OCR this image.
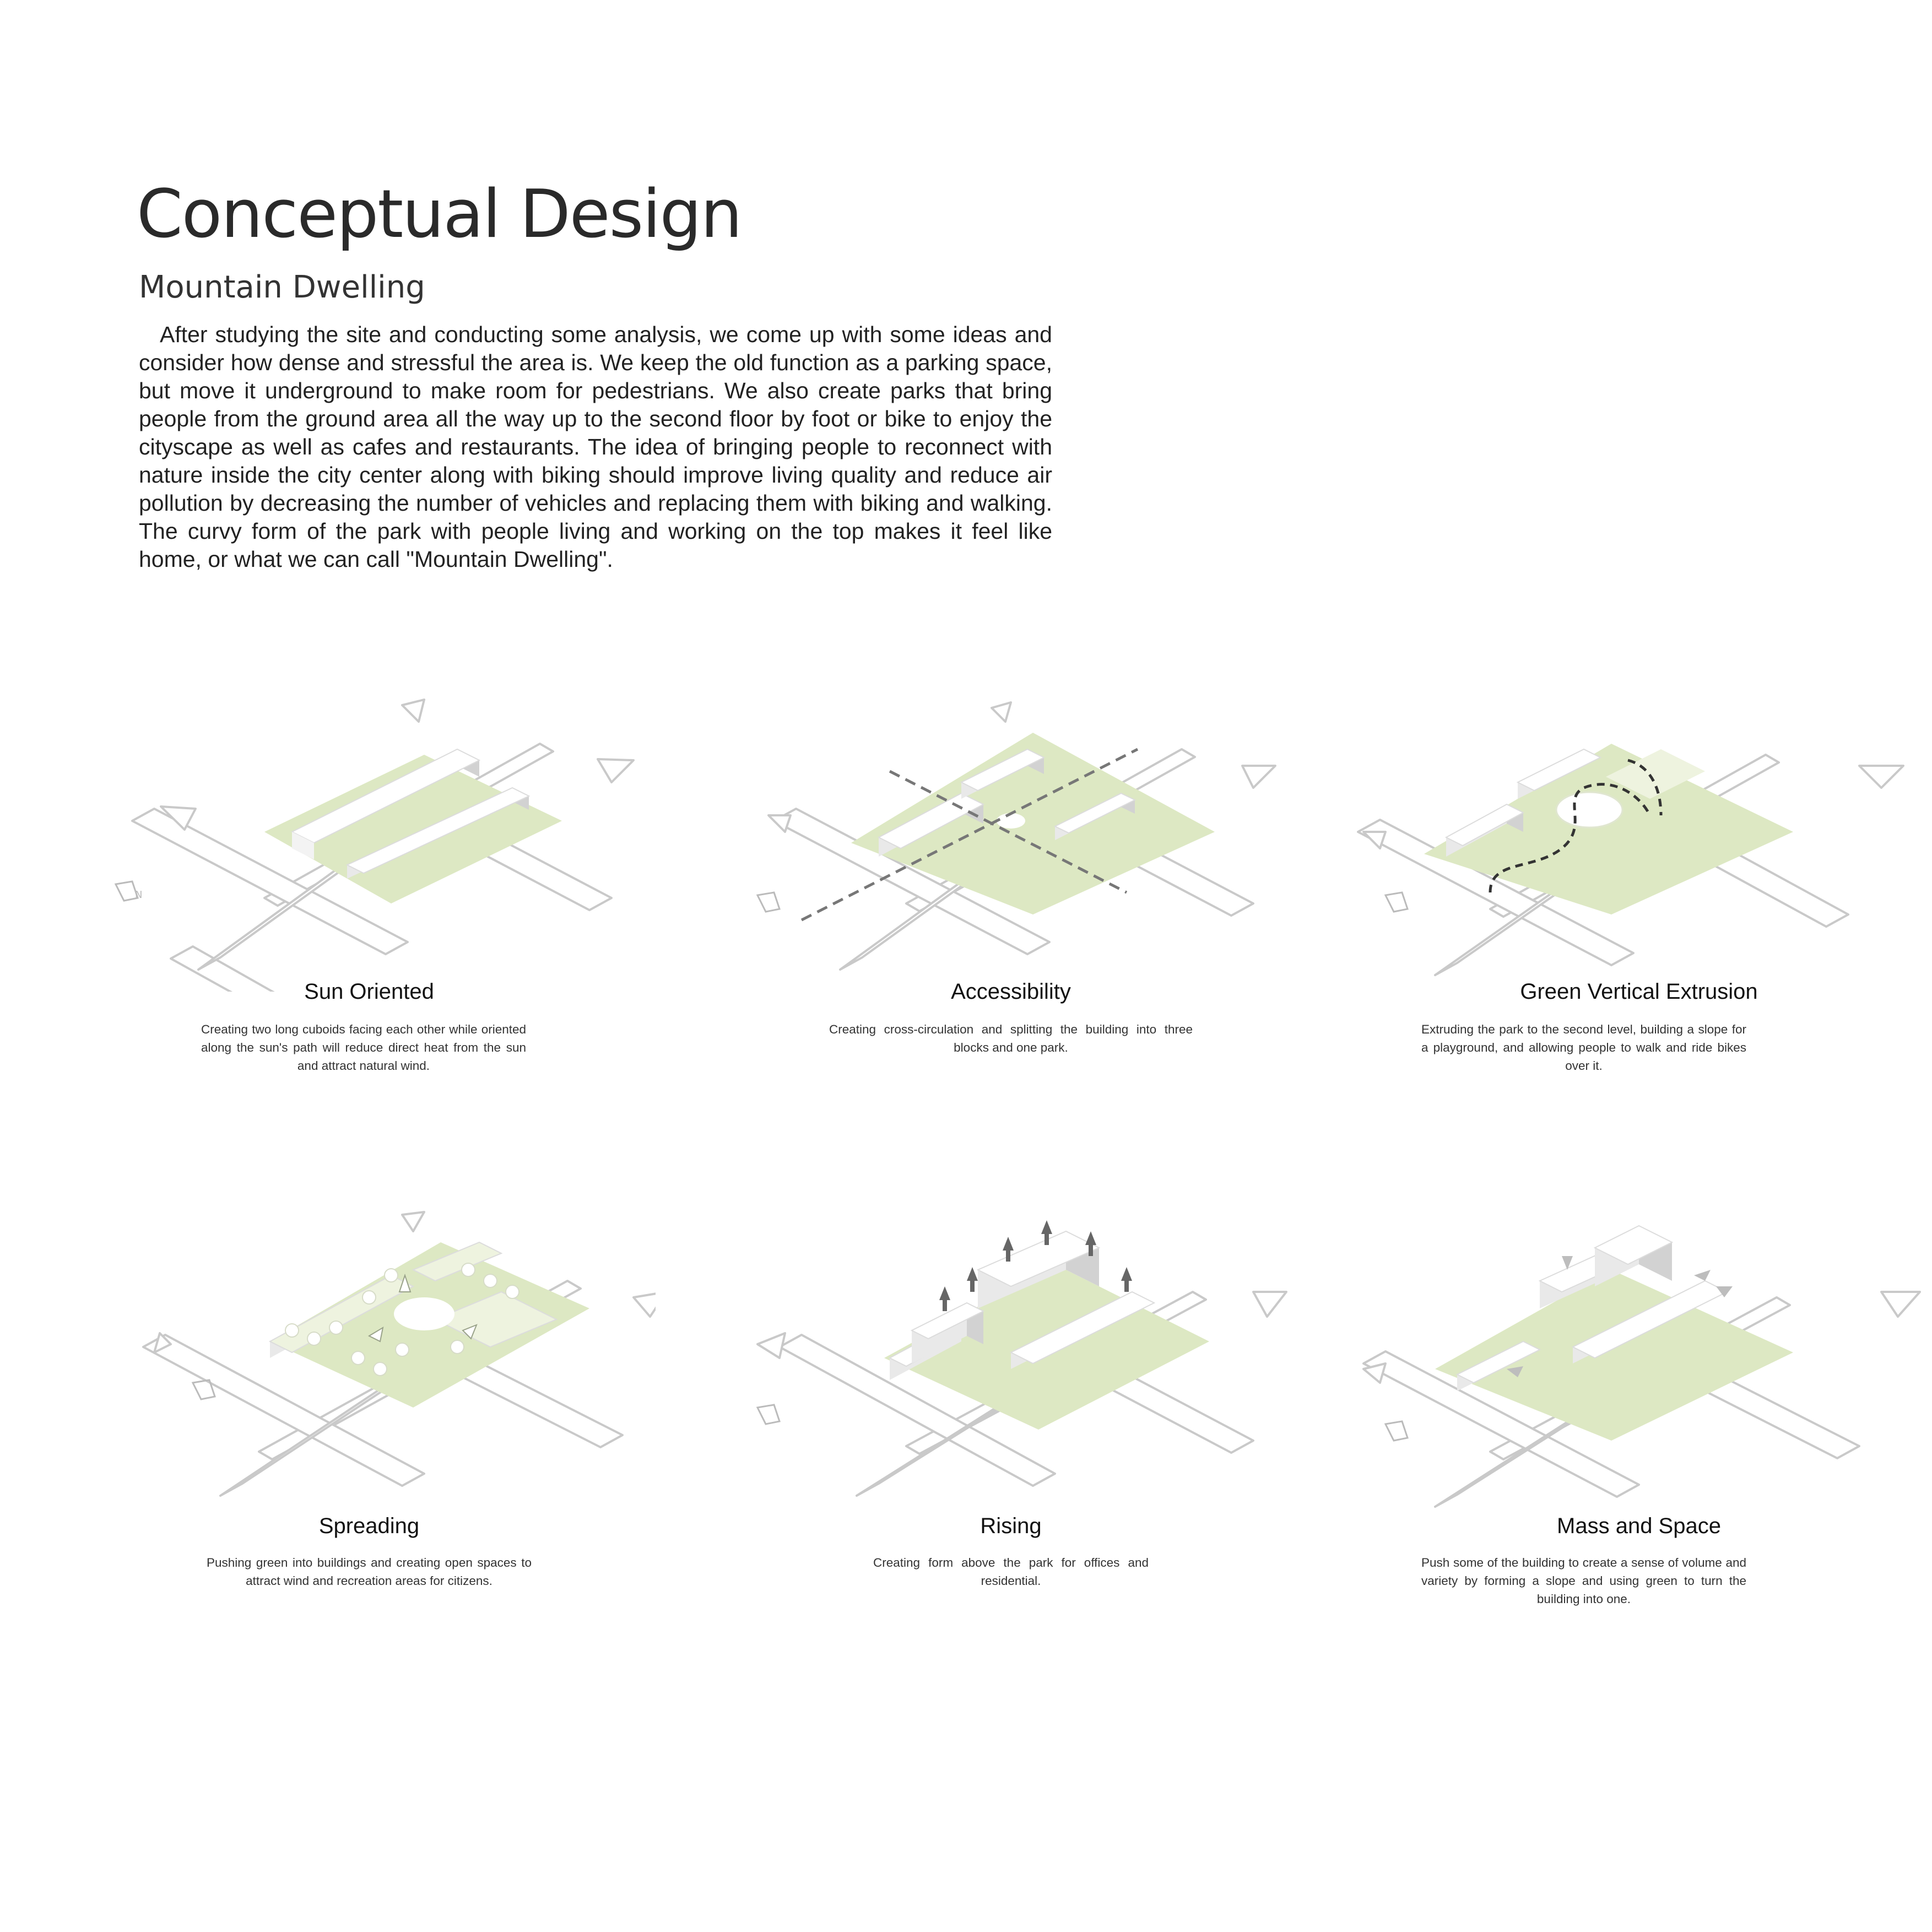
Conceptual Design
Mountain Dwelling

After studying the site and conducting some analysis, we come up with some ideas and consider how dense and stressful the area is. We keep the old function as a parking space, but move it underground to make room for pedestrians. We also create parks that bring people from the ground area all the way up to the second floor by foot or bike to enjoy the cityscape as well as cafes and restaurants. The idea of bringing people to reconnect with nature inside the city center along with biking should improve living quality and reduce air pollution by decreasing the number of vehicles and replacing them with biking and walking. The curvy form of the park with people living and working on the top makes it feel like home, or what we can call "Mountain Dwelling".

N
Sun Oriented
Creating two long cuboids facing each other while oriented along the sun's path will reduce direct heat from the sun and attract natural wind.
Accessibility
Creating cross-circulation and splitting the building into three blocks and one park.
Green Vertical Extrusion
Extruding the park to the second level, building a slope for a playground, and allowing people to walk and ride bikes over it.
Spreading
Pushing green into buildings and creating open spaces to attract wind and recreation areas for citizens.
Rising
Creating form above the park for offices and residential.
Mass and Space
Push some of the building to create a sense of volume and variety by forming a slope and using green to turn the building into one.
